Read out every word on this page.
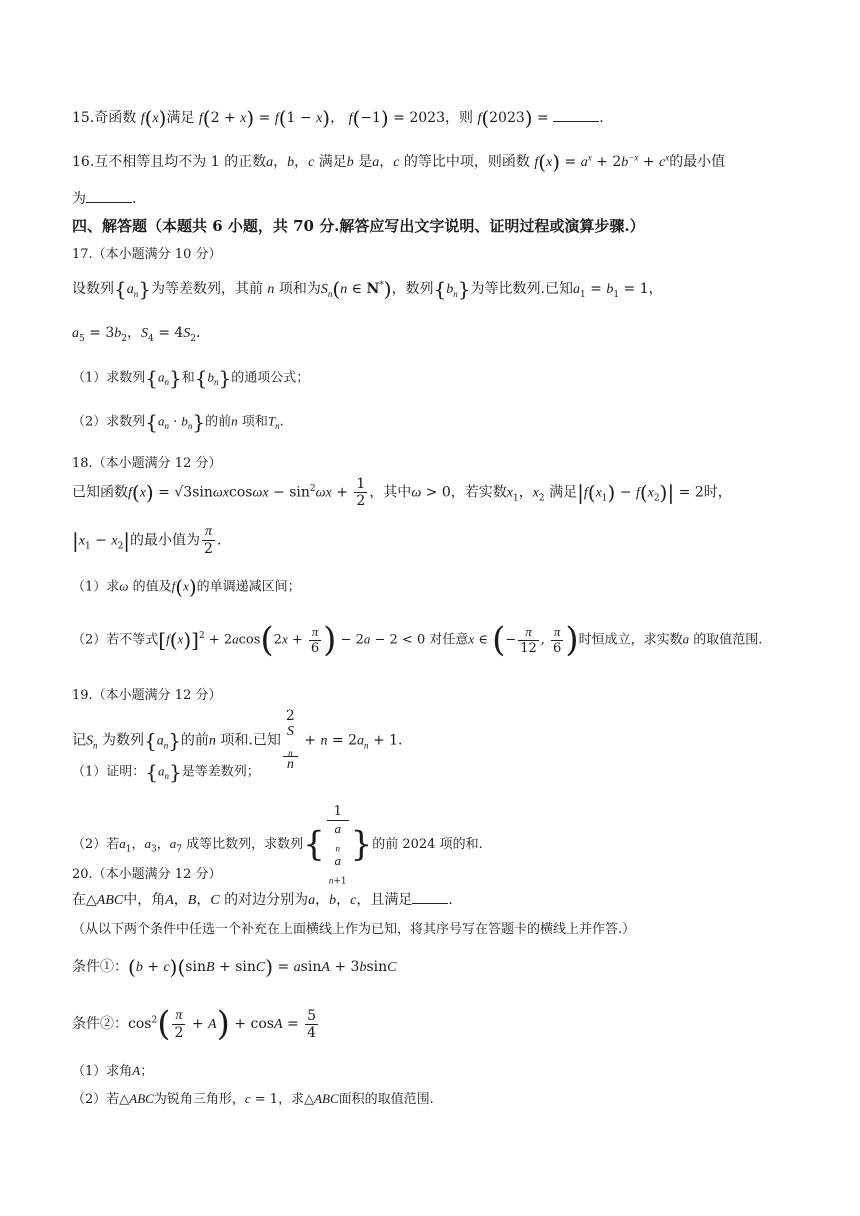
15.奇函数 f(x)满足 f(2 + x) = f(1 − x)， f(−1) = 2023，则 f(2023) =	.
16.互不相等且均不为 1 的正数a，b，c 满足b 是a，c 的等比中项，则函数 $f(x) = a^x + 2b^{-x} + c^x$的最小值
为	.
四、解答题（本题共 6 小题，共 70 分.解答应写出文字说明、证明过程或演算步骤.）
17.（本小题满分 10 分）
设数列$\{a_n\}$为等差数列，其前 n 项和为$S_n(n$ ∈ N*)，数列$\{b_n\}$为等比数列.已知$a_1 = b_1 = 1$，
$a_5 = 3b_2$，$S_4 = 4S_2$.
（1）求数列$\{a_n\}$和$\{b_n\}$的通项公式；
（2）求数列$\{a_n \cdot b_n\}$的前n 项和$T_n$.
18.（本小题满分 12 分）
已知函数$f(x) = √3\sin\omega xcos\omega x - \sin^2\omega x + \frac{1}{2}$ ，其中ω > 0，若实数$x_1$，$x_2$ 满足$|f(x_1) - f(x_2)| = 2$时，
$|x_1 - x_2|$的最小值为 $\frac{\pi}{2}$ .
（1）求ω 的值及f(x)的单调递减区间；
（2）若不等式$[f(x)]^2 + 2acos(2x + \frac{\pi}{6}$ ) − 2a − 2 < 0 对任意x ∈ (− $\frac{\pi}{12}$ , $\frac{\pi}{6}$ )时恒成立，求实数a 的取值范围.
19.（本小题满分 12 分）
记$S_n$ 为数列$\{a_n\}$的前n 项和.已知 2
S
$_n$
$n + n = 2a_n + 1$.
（1）证明：$\{a_n\}$是等差数列；
（2）若$a_1$，$a_3$，$a_7$ 成等比数列，求数列{ 1
a
$_n$
a
$_{n+1}$ }的前 2024 项的和.
20.（本小题满分 12 分）
在△ABC中，角A，B，C 的对边分别为a，b，c，且满足	.
（从以下两个条件中任选一个补充在上面横线上作为已知，将其序号写在答题卡的横线上并作答.）
条件①：(b + c)(sinB + sinC) = asinA + 3bsinC
条件②：$\cos^2( \frac{\pi}{2} + A) + \cos A = \frac{5}{4}$
（1）求角A；
（2）若△ABC为锐角三角形，c = 1，求△ABC面积的取值范围.
